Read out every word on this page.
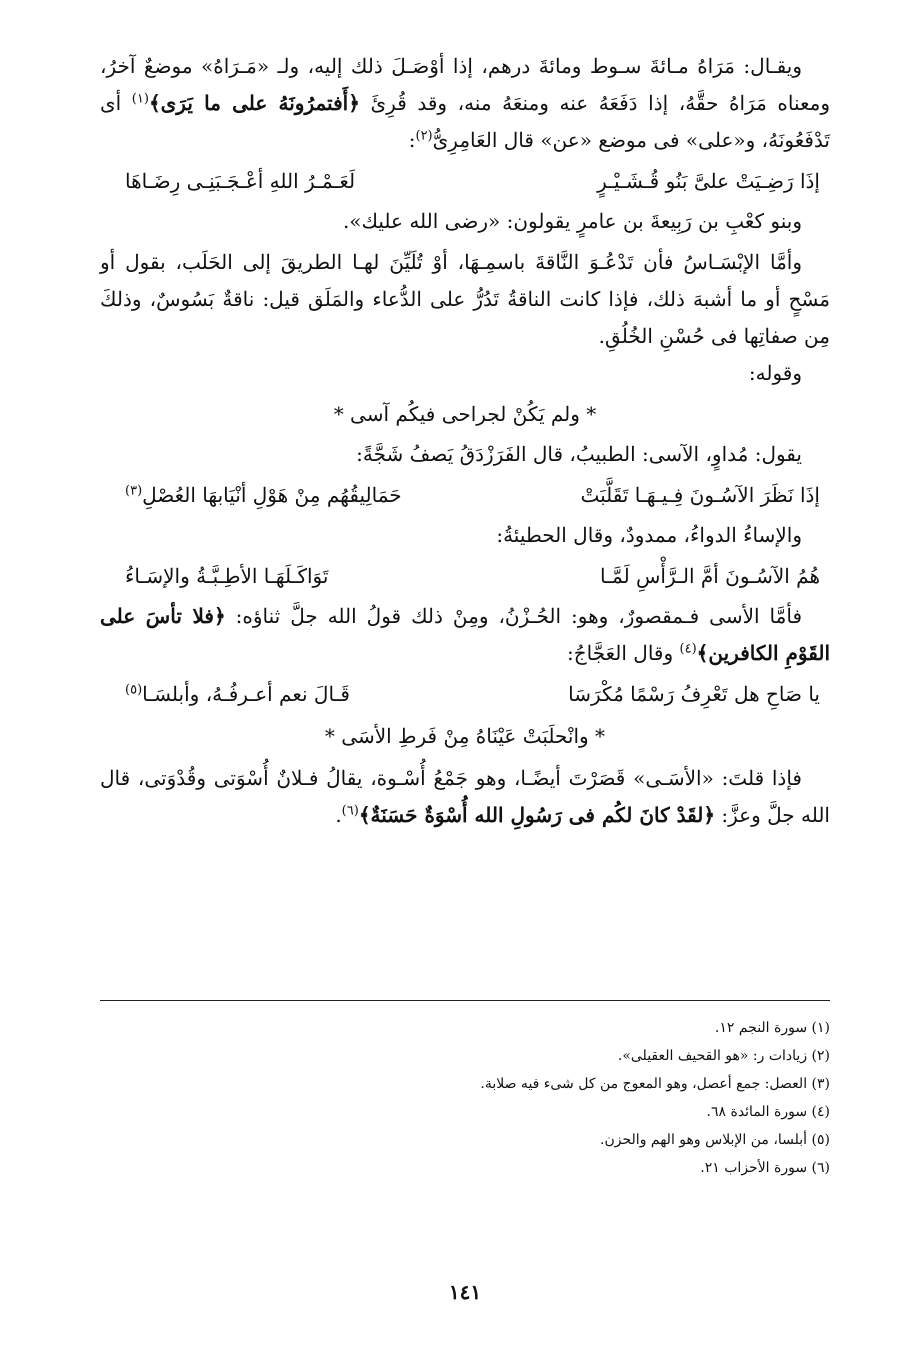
ويقـال: مَرَاهُ مـائةَ سـوط ومائةَ درهم، إذا أوْصَـلَ ذلك إليه، ولـ «مَـرَاهُ» موضعٌ آخرُ، ومعناه مَرَاهُ حقَّهُ، إذا دَفَعَهُ عنه ومنعَهُ منه، وقد قُرِئَ ﴿أَفتمرُونَهُ على ما يَرَى﴾$^{(١)}$ أى تَدْفَعُونَهُ، و«على» فى موضع «عن» قال العَامِرِىُّ$^{(٢)}$:

إذَا رَضِـيَتْ علىَّ بَنُو قُـشَـيْـرٍ
لَعَـمْـرُ اللهِ أعْـجَـبَنِـى رِضَـاهَا

وبنو كعْبِ بن رَبِيعةَ بن عامرٍ يقولون: «رضى الله عليك».

وأمَّا الإبْسَـاسُ فأن تَدْعُـوَ النَّاقةَ باسمِـهَا، أوْ تُلَيِّنَ لهـا الطريقَ إلى الحَلَب، بقول أو مَسْحٍ أو ما أشبهَ ذلك، فإذا كانت الناقةُ تَدُرُّ على الدُّعاء والمَلَق قيل: ناقةٌ بَسُوسٌ، وذلكَ مِن صفاتِها فى حُسْنِ الخُلُقِ.

وقوله:

* ولم يَكُنْ لجراحى فيكُم آسى *

يقول: مُداوٍ، الآسى: الطبيبُ، قال الفَرَزْدَقُ يَصفُ شَجَّةً:

إذَا نَظَرَ الآسُـونَ فِـيـهَـا تَقَلَّبَتْ
حَمَالِيقُهُم مِنْ هَوْلِ أنْيَابهَا العُصْلِ$^{(٣)}$

والإساءُ الدواءُ، ممدودٌ، وقال الحطيئةُ:

هُمُ الآسُـونَ أمَّ الـرَّأْسِ لَمَّـا
تَوَاكَـلَهَـا الأطِـبَّـةُ والإسَـاءُ

فأمَّا الأسى فـمقصورٌ، وهو: الحُـزْنُ، ومِنْ ذلك قولُ الله جلَّ ثناؤه: ﴿فلا تأسَ على القَوْمِ الكافرين﴾$^{(٤)}$ وقال العَجَّاجُ:

يا صَاحِ هل تَعْرِفُ رَسْمًا مُكْرَسَا
قَـالَ نعم أعـرفُـهُ، وأبلسَـا$^{(٥)}$
* وانْحلَبَتْ عَيْنَاهُ مِنْ فَرطِ الأسَى *

فإذا قلتَ: «الأسَـى» قَصَرْتَ أيضًـا، وهو جَمْعُ أُسْـوة، يقالُ فـلانٌ أُسْوَتى وقُدْوَتى، قال الله جلَّ وعزَّ: ﴿لقَدْ كانَ لكُم فى رَسُولِ الله أُسْوَةٌ حَسَنَةٌ﴾$^{(٦)}$.

(١) سورة النجم ١٢.
(٢) زيادات ر: «هو القحيف العقيلى».
(٣) العصل: جمع أعصل، وهو المعوج من كل شىء فيه صلابة.
(٤) سورة المائدة ٦٨.
(٥) أبلسا، من الإبلاس وهو الهم والحزن.
(٦) سورة الأحزاب ٢١.
١٤١
